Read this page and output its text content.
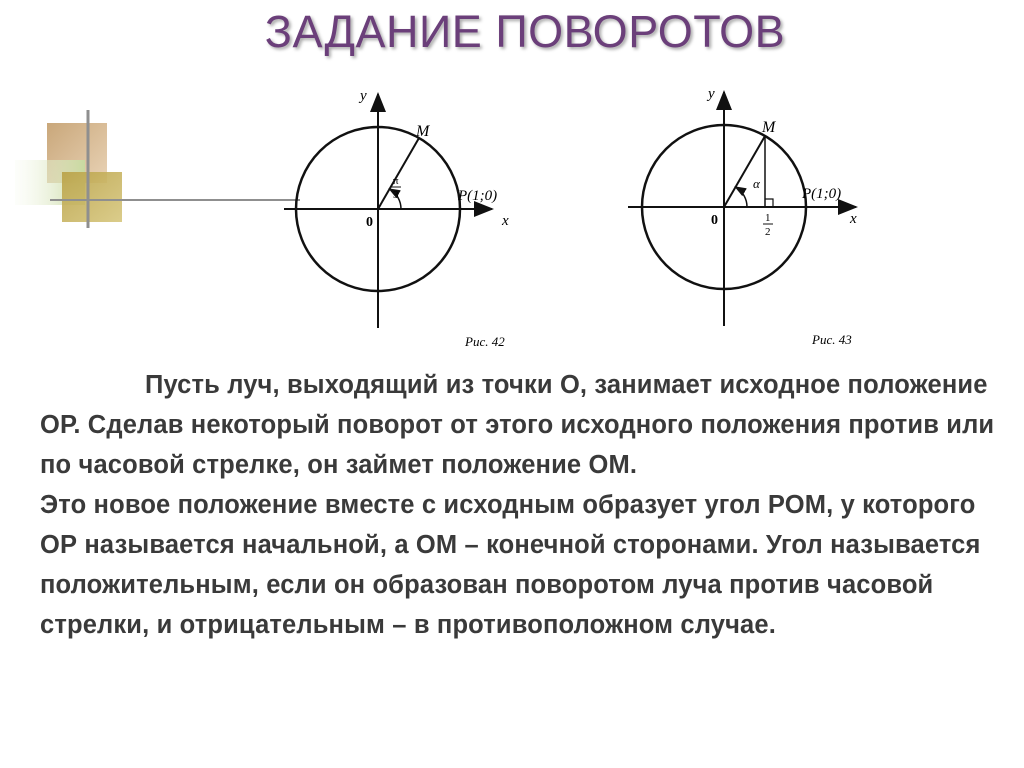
ЗАДАНИЕ ПОВОРОТОВ
y
x
0
M
P(1;0)
π
3
Рис. 42
y
x
0
M
P(1;0)
α
1
2
Рис. 43

Пусть луч, выходящий из точки О, занимает исходное положение ОР. Сделав некоторый поворот от этого исходного положения против или по часовой стрелке, он займет положение ОМ.

Это новое положение вместе с исходным образует угол РОМ, у которого ОР называется начальной, а ОМ – конечной сторонами. Угол называется положительным, если он образован поворотом луча против часовой стрелки, и отрицательным – в противоположном случае.
